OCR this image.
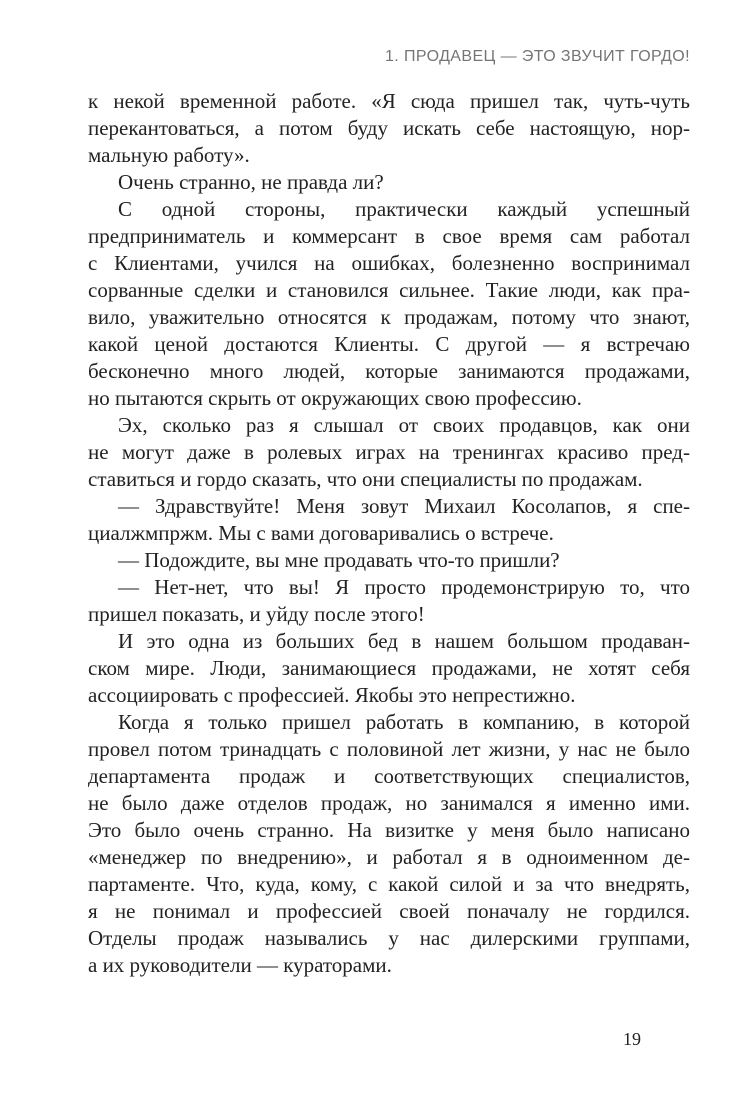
1. ПРОДАВЕЦ — ЭТО ЗВУЧИТ ГОРДО!
к некой временной работе. «Я сюда пришел так, чуть-чуть
перекантоваться, а потом буду искать себе настоящую, нор-
мальную работу».
Очень странно, не правда ли?
С одной стороны, практически каждый успешный
предприниматель и коммерсант в свое время сам работал
с Клиентами, учился на ошибках, болезненно воспринимал
сорванные сделки и становился сильнее. Такие люди, как пра-
вило, уважительно относятся к продажам, потому что знают,
какой ценой достаются Клиенты. С другой — я встречаю
бесконечно много людей, которые занимаются продажами,
но пытаются скрыть от окружающих свою профессию.
Эх, сколько раз я слышал от своих продавцов, как они
не могут даже в ролевых играх на тренингах красиво пред-
ставиться и гордо сказать, что они специалисты по продажам.
— Здравствуйте! Меня зовут Михаил Косолапов, я спе-
циалжмпржм. Мы с вами договаривались о встрече.
— Подождите, вы мне продавать что-то пришли?
— Нет-нет, что вы! Я просто продемонстрирую то, что
пришел показать, и уйду после этого!
И это одна из больших бед в нашем большом продаван-
ском мире. Люди, занимающиеся продажами, не хотят себя
ассоциировать с профессией. Якобы это непрестижно.
Когда я только пришел работать в компанию, в которой
провел потом тринадцать с половиной лет жизни, у нас не было
департамента продаж и соответствующих специалистов,
не было даже отделов продаж, но занимался я именно ими.
Это было очень странно. На визитке у меня было написано
«менеджер по внедрению», и работал я в одноименном де-
партаменте. Что, куда, кому, с какой силой и за что внедрять,
я не понимал и профессией своей поначалу не гордился.
Отделы продаж назывались у нас дилерскими группами,
а их руководители — кураторами.
19
